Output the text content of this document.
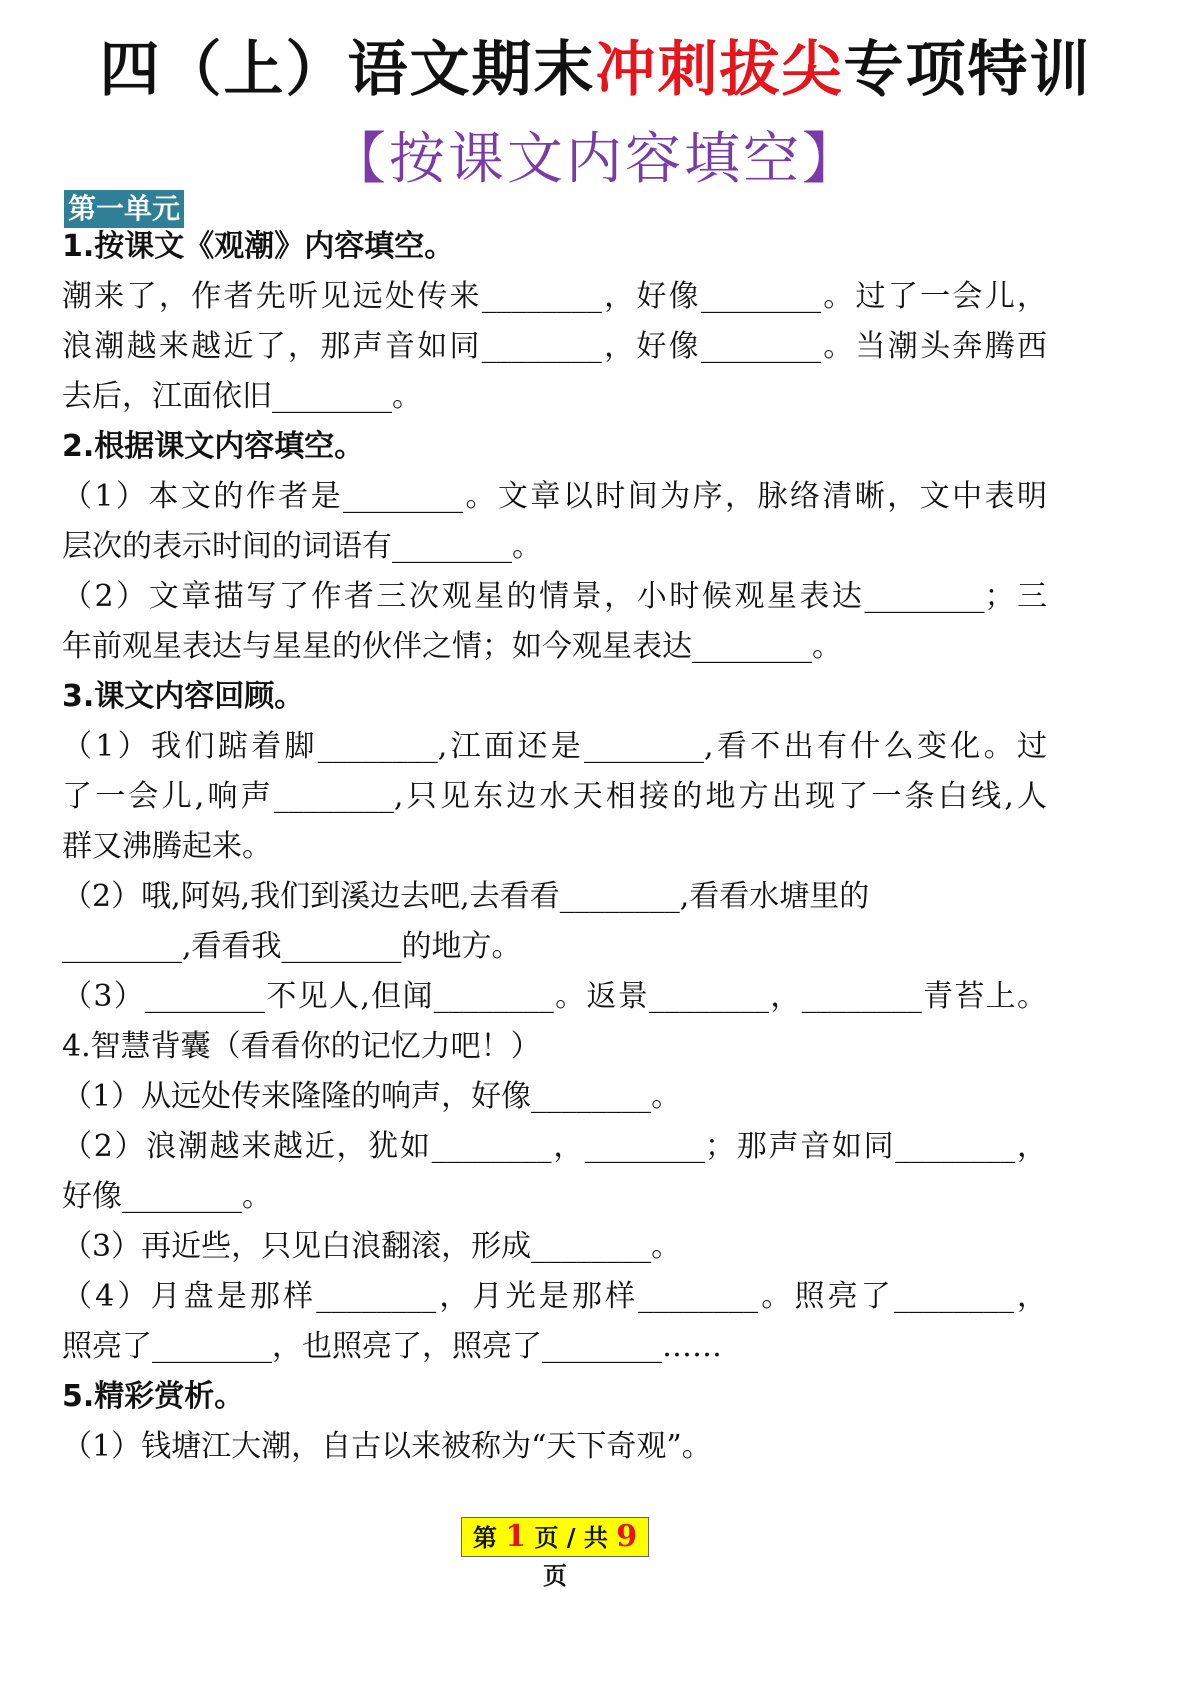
四（上）语文期末冲刺拔尖专项特训
【按课文内容填空】
第一单元
1.按课文《观潮》内容填空。
潮来了，作者先听见远处传来________，好像________。过了一会儿，
浪潮越来越近了，那声音如同________，好像________。当潮头奔腾西
去后，江面依旧________。
2.根据课文内容填空。
（1）本文的作者是________。文章以时间为序，脉络清晰，文中表明
层次的表示时间的词语有________。
（2）文章描写了作者三次观星的情景，小时候观星表达________；三
年前观星表达与星星的伙伴之情；如今观星表达________。
3.课文内容回顾。
（1）我们踮着脚________,江面还是________,看不出有什么变化。过
了一会儿,响声________,只见东边水天相接的地方出现了一条白线,人
群又沸腾起来。
（2）哦,阿妈,我们到溪边去吧,去看看________,看看水塘里的
________,看看我________的地方。
（3）________不见人,但闻________。返景________，________青苔上。
4.智慧背囊（看看你的记忆力吧！）
（1）从远处传来隆隆的响声，好像________。
（2）浪潮越来越近，犹如________，________；那声音如同________，
好像________。
（3）再近些，只见白浪翻滚，形成________。
（4）月盘是那样________，月光是那样________。照亮了________，
照亮了________，也照亮了，照亮了________……
5.精彩赏析。
（1）钱塘江大潮，自古以来被称为“天下奇观”。
第 1 页 / 共 9 页
